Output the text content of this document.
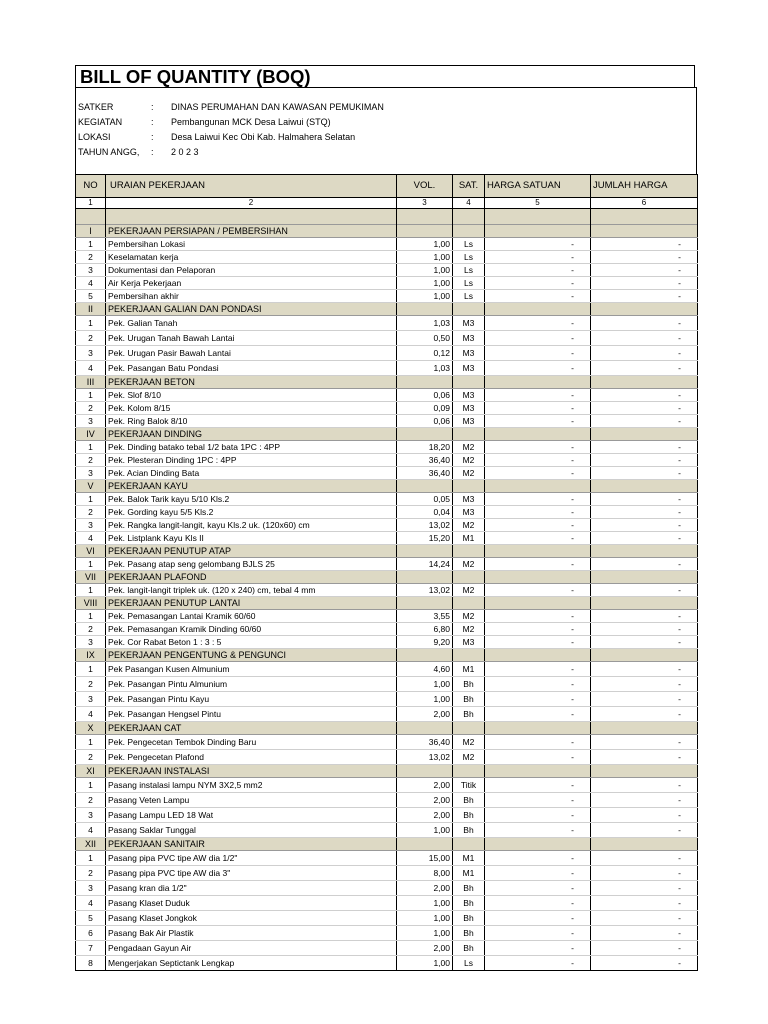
BILL OF QUANTITY (BOQ)
SATKER	:	DINAS PERUMAHAN DAN KAWASAN PEMUKIMAN
KEGIATAN	:	Pembangunan MCK Desa Laiwui (STQ)
LOKASI	:	Desa Laiwui Kec Obi Kab. Halmahera Selatan
TAHUN ANGG,	:	2 0 2 3
NO	URAIAN PEKERJAAN	VOL.	SAT.	HARGA SATUAN	JUMLAH HARGA
1	2	3	4	5	6

I	PEKERJAAN PERSIAPAN / PEMBERSIHAN				
1	Pembersihan Lokasi	1,00	Ls	-	-
2	Keselamatan kerja	1,00	Ls	-	-
3	Dokumentasi dan Pelaporan	1,00	Ls	-	-
4	Air Kerja Pekerjaan	1,00	Ls	-	-
5	Pembersihan akhir	1,00	Ls	-	-
II	PEKERJAAN GALIAN DAN PONDASI				
1	Pek. Galian Tanah	1,03	M3	-	-
2	Pek. Urugan Tanah Bawah Lantai	0,50	M3	-	-
3	Pek. Urugan Pasir Bawah Lantai	0,12	M3	-	-
4	Pek. Pasangan Batu Pondasi	1,03	M3	-	-
III	PEKERJAAN BETON				
1	Pek. Slof 8/10	0,06	M3	-	-
2	Pek. Kolom 8/15	0,09	M3	-	-
3	Pek. Ring Balok 8/10	0,06	M3	-	-
IV	PEKERJAAN DINDING				
1	Pek. Dinding batako tebal 1/2 bata 1PC : 4PP	18,20	M2	-	-
2	Pek. Plesteran Dinding 1PC : 4PP	36,40	M2	-	-
3	Pek. Acian Dinding Bata	36,40	M2	-	-
V	PEKERJAAN KAYU				
1	Pek. Balok Tarik kayu 5/10 Kls.2	0,05	M3	-	-
2	Pek. Gording kayu 5/5 Kls.2	0,04	M3	-	-
3	Pek. Rangka langit-langit, kayu Kls.2 uk. (120x60) cm	13,02	M2	-	-
4	Pek. Listplank Kayu Kls II	15,20	M1	-	-
VI	PEKERJAAN PENUTUP ATAP				
1	Pek. Pasang atap seng gelombang BJLS 25	14,24	M2	-	-
VII	PEKERJAAN PLAFOND				
1	Pek. langit-langit triplek uk. (120 x 240) cm, tebal 4 mm	13,02	M2	-	-
VIII	PEKERJAAN PENUTUP LANTAI				
1	Pek. Pemasangan Lantai Kramik 60/60	3,55	M2	-	-
2	Pek. Pemasangan Kramik Dinding 60/60	6,80	M2	-	-
3	Pek. Cor Rabat Beton 1 : 3 : 5	9,20	M3	-	-
IX	PEKERJAAN PENGENTUNG & PENGUNCI				
1	Pek Pasangan Kusen Almunium	4,60	M1	-	-
2	Pek. Pasangan Pintu Almunium	1,00	Bh	-	-
3	Pek. Pasangan Pintu Kayu	1,00	Bh	-	-
4	Pek. Pasangan Hengsel Pintu	2,00	Bh	-	-
X	PEKERJAAN CAT				
1	Pek. Pengecetan Tembok Dinding Baru	36,40	M2	-	-
2	Pek. Pengecetan Plafond	13,02	M2	-	-
XI	PEKERJAAN INSTALASI				
1	Pasang instalasi lampu NYM 3X2,5 mm2	2,00	Titik	-	-
2	Pasang Veten Lampu	2,00	Bh	-	-
3	Pasang Lampu LED 18 Wat	2,00	Bh	-	-
4	Pasang Saklar Tunggal	1,00	Bh	-	-
XII	PEKERJAAN SANITAIR				
1	Pasang pipa PVC tipe AW dia 1/2"	15,00	M1	-	-
2	Pasang pipa PVC tipe AW dia 3"	8,00	M1	-	-
3	Pasang kran dia 1/2"	2,00	Bh	-	-
4	Pasang Klaset Duduk	1,00	Bh	-	-
5	Pasang Klaset Jongkok	1,00	Bh	-	-
6	Pasang Bak Air Plastik	1,00	Bh	-	-
7	Pengadaan Gayun Air	2,00	Bh	-	-
8	Mengerjakan Septictank Lengkap	1,00	Ls	-	-
